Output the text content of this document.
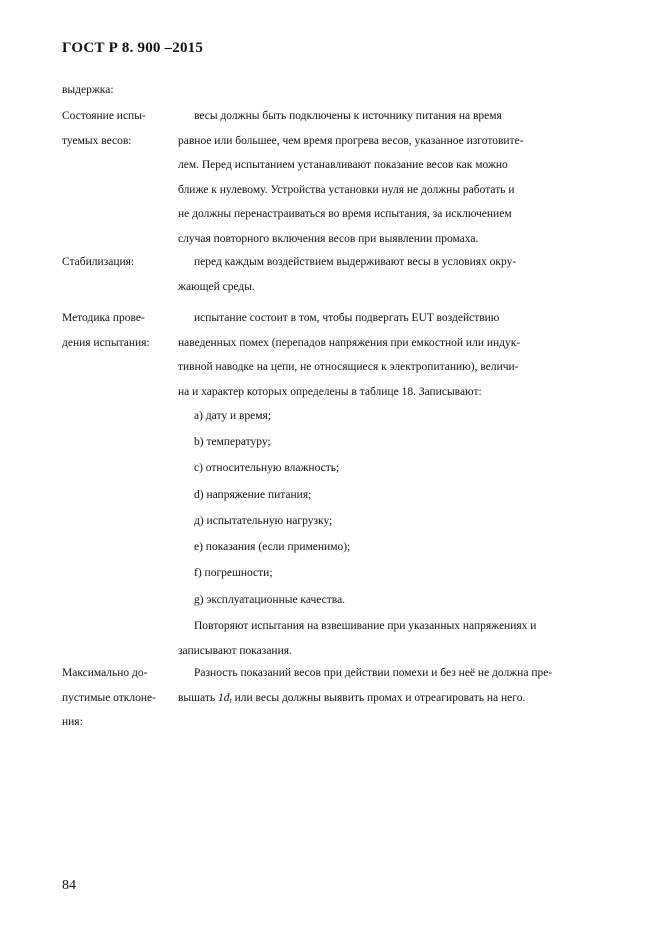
ГОСТ Р 8. 900 –2015
выдержка:
Состояние испы-
туемых весов:
весы должны быть подключены к источнику питания на время
равное или большее, чем время прогрева весов, указанное изготовите-
лем. Перед испытанием устанавливают показание весов как можно
ближе к нулевому. Устройства установки нуля не должны работать и
не должны перенастраиваться во время испытания, за исключением
случая повторного включения весов при выявлении промаха.
Стабилизация:	перед каждым воздействием выдерживают весы в условиях окру-
жающей среды.
Методика прове-
дения испытания:
испытание состоит в том, чтобы подвергать EUT воздействию
наведенных помех (перепадов напряжения при емкостной или индук-
тивной наводке на цепи, не относящиеся к электропитанию), величи-
на и характер которых определены в таблице 18. Записывают:
а) дату и время;
b) температуру;
c) относительную влажность;
d) напряжение питания;
д) испытательную нагрузку;
е) показания (если применимо);
f) погрешности;
g) эксплуатационные качества.
Повторяют испытания на взвешивание при указанных напряжениях и
записывают показания.
Максимально до-
пустимые отклоне-
ния:
Разность показаний весов при действии помехи и без неё не должна пре-
вышать $1d_t$ или весы должны выявить промах и отреагировать на него.
84
